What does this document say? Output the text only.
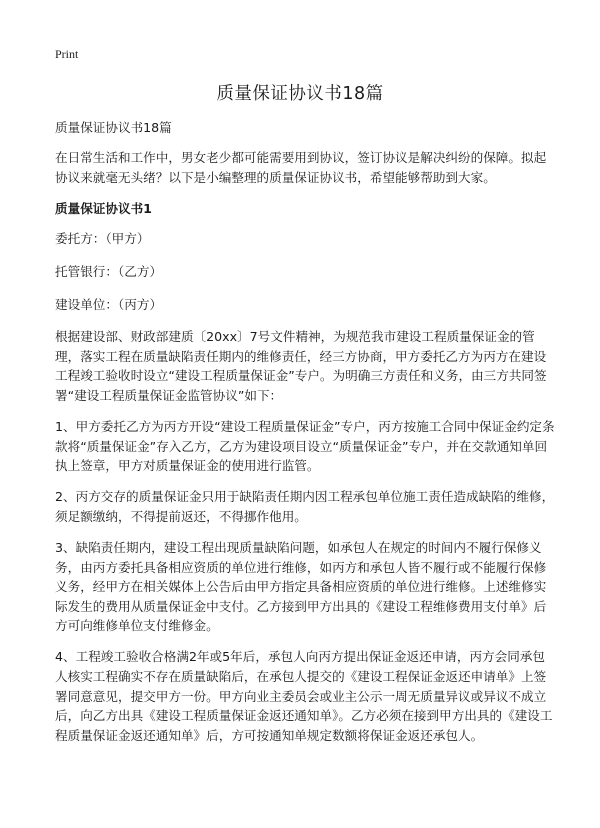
Print
质量保证协议书18篇

质量保证协议书18篇

在日常生活和工作中，男女老少都可能需要用到协议，签订协议是解决纠纷的保障。拟起协议来就毫无头绪？以下是小编整理的质量保证协议书，希望能够帮助到大家。

质量保证协议书1

委托方：（甲方）

托管银行：（乙方）

建设单位：（丙方）

根据建设部、财政部建质〔20xx〕7号文件精神，为规范我市建设工程质量保证金的管理，落实工程在质量缺陷责任期内的维修责任，经三方协商，甲方委托乙方为丙方在建设工程竣工验收时设立“建设工程质量保证金”专户。为明确三方责任和义务，由三方共同签署“建设工程质量保证金监管协议”如下：

1、甲方委托乙方为丙方开设“建设工程质量保证金”专户，丙方按施工合同中保证金约定条款将“质量保证金”存入乙方，乙方为建设项目设立“质量保证金”专户，并在交款通知单回执上签章，甲方对质量保证金的使用进行监管。

2、丙方交存的质量保证金只用于缺陷责任期内因工程承包单位施工责任造成缺陷的维修，须足额缴纳，不得提前返还，不得挪作他用。

3、缺陷责任期内，建设工程出现质量缺陷问题，如承包人在规定的时间内不履行保修义务，由丙方委托具备相应资质的单位进行维修，如丙方和承包人皆不履行或不能履行保修义务，经甲方在相关媒体上公告后由甲方指定具备相应资质的单位进行维修。上述维修实际发生的费用从质量保证金中支付。乙方接到甲方出具的《建设工程维修费用支付单》后方可向维修单位支付维修金。

4、工程竣工验收合格满2年或5年后，承包人向丙方提出保证金返还申请，丙方会同承包人核实工程确实不存在质量缺陷后，在承包人提交的《建设工程保证金返还申请单》上签署同意意见，提交甲方一份。甲方向业主委员会或业主公示一周无质量异议或异议不成立后，向乙方出具《建设工程质量保证金返还通知单》。乙方必须在接到甲方出具的《建设工程质量保证金返还通知单》后，方可按通知单规定数额将保证金返还承包人。
